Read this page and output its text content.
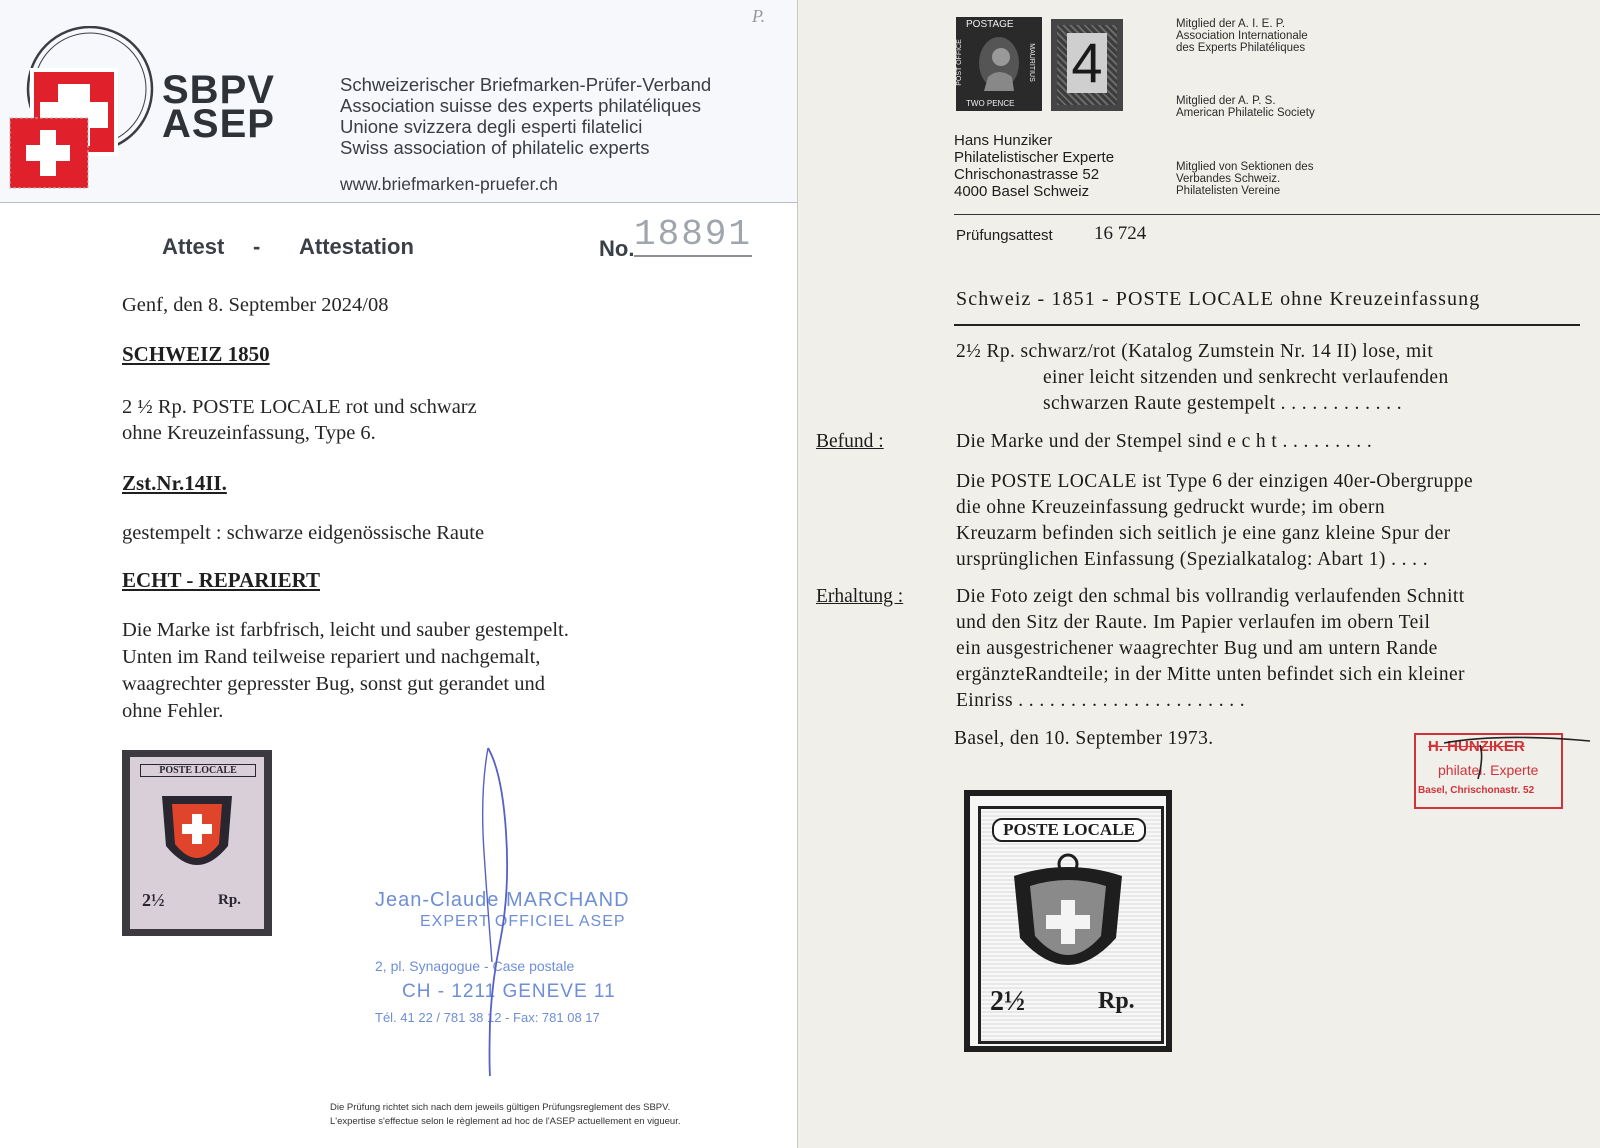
SBPV
ASEP
Schweizerischer Briefmarken-Prüfer-Verband
Association suisse des experts philatéliques
Unione svizzera degli esperti filatelici
Swiss association of philatelic experts
www.briefmarken-pruefer.ch
P.
Attest - Attestation	No. 18891
Genf, den 8. September 2024/08
SCHWEIZ 1850
2 ½ Rp. POSTE LOCALE rot und schwarz
ohne Kreuzeinfassung, Type 6.
Zst.Nr.14II.
gestempelt : schwarze eidgenössische Raute
ECHT - REPARIERT
Die Marke ist farbfrisch, leicht und sauber gestempelt.
Unten im Rand teilweise repariert und nachgemalt,
waagrechter gepresster Bug, sonst gut gerandet und
ohne Fehler.
POSTE LOCALE
2½	Rp.	Jean-Claude MARCHAND
EXPERT OFFICIEL ASEP
2, pl. Synagogue - Case postale
CH - 1211 GENEVE 11
Tél. 41 22 / 781 38 12 - Fax: 781 08 17
Die Prüfung richtet sich nach dem jeweils gültigen Prüfungsreglement des SBPV.
L'expertise s'effectue selon le règlement ad hoc de l'ASEP actuellement en vigueur.
POSTAGE
TWO PENCE
POST OFFICE	MAURITIUS 4
Mitglied der A. I. E. P.
Association Internationale
des Experts Philatéliques
Mitglied der A. P. S.
American Philatelic Society
Mitglied von Sektionen des
Verbandes Schweiz.
Philatelisten Vereine
Hans Hunziker
Philatelistischer Experte
Chrischonastrasse 52
4000 Basel Schweiz
Prüfungsattest 16 724
Schweiz - 1851 - POSTE LOCALE ohne Kreuzeinfassung
2½ Rp. schwarz/rot (Katalog Zumstein Nr. 14 II) lose, mit
einer leicht sitzenden und senkrecht verlaufenden
schwarzen Raute gestempelt . . . . . . . . . . . .
Befund :	Die Marke und der Stempel sind e c h t . . . . . . . . .
Die POSTE LOCALE ist Type 6 der einzigen 40er-Obergruppe
die ohne Kreuzeinfassung gedruckt wurde; im obern
Kreuzarm befinden sich seitlich je eine ganz kleine Spur der
ursprünglichen Einfassung (Spezialkatalog: Abart 1) . . . .
Erhaltung :	Die Foto zeigt den schmal bis vollrandig verlaufenden Schnitt
und den Sitz der Raute. Im Papier verlaufen im obern Teil
ein ausgestrichener waagrechter Bug und am untern Rande
ergänzteRandteile; in der Mitte unten befindet sich ein kleiner
Einriss . . . . . . . . . . . . . . . . . . . . . .
Basel, den 10. September 1973.	H. HUNZIKER
philatel. Experte
Basel, Chrischonastr. 52
POSTE LOCALE
2½	Rp.
